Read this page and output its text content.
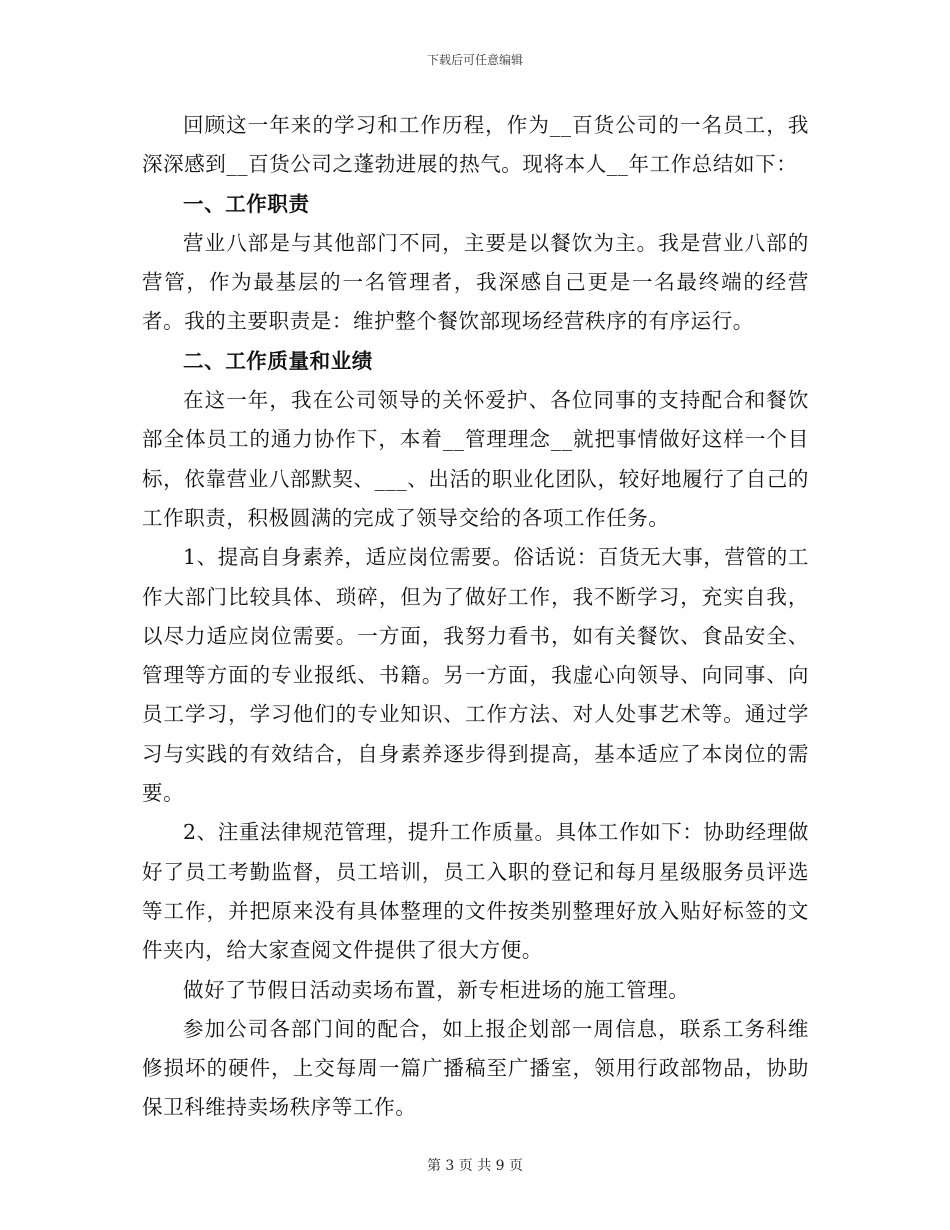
下载后可任意编辑

回顾这一年来的学习和工作历程，作为__百货公司的一名员工，我深深感到__百货公司之蓬勃进展的热气。现将本人__年工作总结如下：

一、工作职责

营业八部是与其他部门不同，主要是以餐饮为主。我是营业八部的营管，作为最基层的一名管理者，我深感自己更是一名最终端的经营者。我的主要职责是：维护整个餐饮部现场经营秩序的有序运行。

二、工作质量和业绩

在这一年，我在公司领导的关怀爱护、各位同事的支持配合和餐饮部全体员工的通力协作下，本着__管理理念__就把事情做好这样一个目标，依靠营业八部默契、___、出活的职业化团队，较好地履行了自己的工作职责，积极圆满的完成了领导交给的各项工作任务。

1、提高自身素养，适应岗位需要。俗话说：百货无大事，营管的工作大部门比较具体、琐碎，但为了做好工作，我不断学习，充实自我，以尽力适应岗位需要。一方面，我努力看书，如有关餐饮、食品安全、管理等方面的专业报纸、书籍。另一方面，我虚心向领导、向同事、向员工学习，学习他们的专业知识、工作方法、对人处事艺术等。通过学习与实践的有效结合，自身素养逐步得到提高，基本适应了本岗位的需要。

2、注重法律规范管理，提升工作质量。具体工作如下：协助经理做好了员工考勤监督，员工培训，员工入职的登记和每月星级服务员评选等工作，并把原来没有具体整理的文件按类别整理好放入贴好标签的文件夹内，给大家查阅文件提供了很大方便。

做好了节假日活动卖场布置，新专柜进场的施工管理。

参加公司各部门间的配合，如上报企划部一周信息，联系工务科维修损坏的硬件，上交每周一篇广播稿至广播室，领用行政部物品，协助保卫科维持卖场秩序等工作。

第 3 页 共 9 页
